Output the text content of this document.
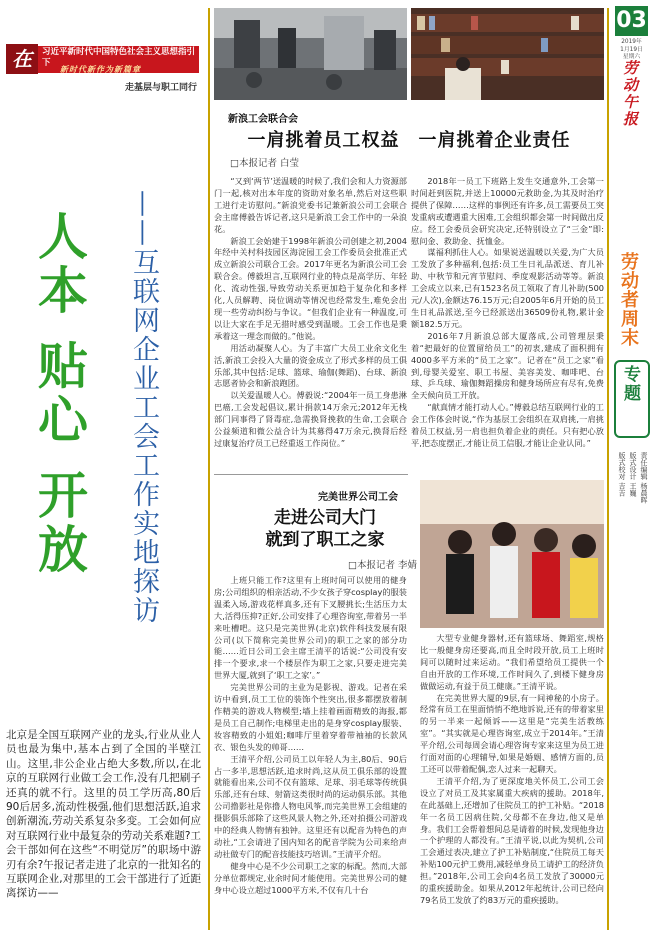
在	习近平新时代中国特色社会主义思想指引下
新时代新作为新篇章
走基层与职工同行
人本 贴心 开放 ——互联网企业工会工作实地探访
北京是全国互联网产业的龙头,行业从业人员也最为集中,基本占到了全国的半壁江山。这里,非公企业占绝大多数,所以,在北京的互联网行业做工会工作,没有几把刷子还真的就不行。这里的员工学历高,80后90后居多,流动性极强,他们思想活跃,追求创新潮流,劳动关系复杂多变。工会如何应对互联网行业中最复杂的劳动关系难题?工会干部如何在这些“不明觉厉”的职场中游刃有余?午报记者走进了北京的一批知名的互联网企业,对那里的工会干部进行了近距离探访——
新浪工会联合会
一肩挑着员工权益　一肩挑着企业责任
□本报记者 白莹

“又到‘两节’送温暖的时候了,我们会和人力资源部门一起,核对出本年度的资助对象名单,然后对这些职工进行走访慰问。”新浪党委书记兼新浪公司工会联合会主席傅毅告诉记者,这只是新浪工会工作中的一朵浪花。

新浪工会始建于1998年新浪公司创建之初,2004年经中关村科技园区海淀园工会工作委员会批准正式成立新浪公司联合工会。2017年更名为新浪公司工会联合会。傅毅坦言,互联网行业的特点是高学历、年轻化、流动性强,导致劳动关系更加趋于复杂化和多样化,人员解聘、岗位调动等情况也经常发生,难免会出现一些劳动纠纷与争议。“但我们企业有一种温度,可以让大家在手足无措时感受到温暖。工会工作也是秉承着这一理念而做的。”他说。

用活动凝聚人心。为了丰富广大员工业余文化生活,新浪工会投入大量的资金成立了形式多样的员工俱乐部,其中包括:足球、篮球、瑜伽(舞蹈)、台球、新浪志愿者协会和新浪跑团。

以关爱温暖人心。傅毅说:“2004年一员工身患淋巴癌,工会发起倡议,累计捐款14万余元;2012年无栈部门同事得了肾毒症,急需换肾挽救的生命,工会联合公益频道和微公益合计为其募得47万余元,换肾后经过康复治疗员工已经重返工作岗位。”

2018年一员工下班路上发生交通意外,工会第一时间赶到医院,并送上10000元救助金,为其及时治疗提供了保障……这样的事例还有许多,员工需要员工突发重病或遭遇重大困难,工会组织都会第一时间做出反应。经工会委员会研究决定,还特别设立了“三金”即:慰问金、救助金、抚恤金。

谋福利抓住人心。如果说送温暖以关爱,为广大员工发放了多种福利,包括:员工生日礼品派送、育儿补助、中秋节和元宵节慰问、季度观影活动等等。新浪工会成立以来,已有1523名员工领取了育儿补助(500元/人次),金额达76.15万元;自2005年6月开始的员工生日礼品派送,至今已经派送出36509份礼物,累计金额182.5万元。

2016年7月新浪总部大厦落成,公司管理层秉着“把最好的位置留给员工”的初衷,建成了面积拥有4000多平方米的“员工之家”。记者在“员工之家”看到,母婴关爱室、职工书屋、美容美发、咖啡吧、台球、乒乓球、瑜伽舞蹈操房和健身场所应有尽有,免费全天候向员工开放。

“献真情才能打动人心。”傅毅总结互联网行业的工会工作体会时说,“作为基层工会组织在双肩挑,一肩挑着员工权益,另一肩也担负着企业的责任。只有把心放平,把态度摆正,才能让员工信服,才能让企业认同。”

完美世界公司工会
走进公司大门
就到了职工之家
□本报记者 李婧

上班只能工作?这里有上班时间可以使用的健身房;公司组织的相亲活动,不少女孩子穿cosplay的服装温柔入场,游戏花样真多,还有下叉腰挑长;生活压力太大,活得压抑?正好,公司安排了心理咨询室,带着另一半来吐槽吧。这只是完美世界(北京)软件科技发展有限公司(以下简称完美世界公司)的职工之家的部分功能……近日公司工会主席王清平的话说:“公司没有安排一个要求,求一个楼层作为职工之家,只要走进完美世界大厦,就到了‘职工之家’。”

完美世界公司的主业为是影视、游戏。记者在采访中看到,员工工位的装饰个性突出,很多都摆放着制作精美的游戏人物模型;墙上挂着画面精致的海报,都是员工自己制作;电梯里走出的是身穿cosplay服装、妆容精致的小姐姐;咖啡厅里着穿着带袖袖的长款风衣、银色头发的帅哥……

王清平介绍,公司员工以年轻人为主,80后、90后占一多半,思想活跃,追求时尚,这从员工俱乐部的设置就能看出来,公司不仅有篮球、足球、羽毛球等传统俱乐部,还有台球、射箭这类很时尚的运动俱乐部。其他公司撸影社是你撸人物电风筝,而完美世界工会组建的摄影俱乐部除了这些风景人物之外,还对拍摄公司游戏中的经典人物情有独钟。这里还有以配音为特色的声动社,“工会请进了国内知名的配音学院为公司来给声动社做专门的配音技能技巧培训。”王清平介绍。

健身中心是不少公司职工之家的标配。然而,大部分单位都规定,业余时间才能使用。完美世界公司的健身中心设立超过1000平方米,不仅有几十台

大型专业健身器材,还有篮球场、舞蹈室,规格比一般健身房还要高,而且全时段开放,员工上班时间可以随时过来运动。“我们希望给员工提供一个自由开放的工作环境,工作时间久了,到楼下健身房做做运动,有益于员工健康。”王清平说。

在完美世界大厦的9层,有一间神秘的小房子。经常有员工在里面悄悄不绝地诉说,还有的带着家里的另一半来一起倾诉——这里是“完美生活教练室”。“其实就是心理咨询室,成立于2014年。”王清平介绍,公司每周会请心理咨询专家来这里为员工进行面对面的心理辅导,如果是婚姻、感情方面的,员工还可以带着配偶,恋人过来一起聊天。

王清平介绍,为了更深度地关怀员工,公司工会设立了对员工及其家属重大疾病的援助。2018年,在此基础上,还增加了住院员工的护工补贴。“2018年一名员工因病住院,父母都不在身边,他又是单身。我们工会帮着想间总是请着的时候,发现他身边一个护理的人都没有。”王清平说,以此为契机,公司工会通过表决,建立了护工补贴制度,“住院员工每天补贴100元护工费用,减轻单身员工请护工的经济负担。”2018年,公司工会向4名员工发放了30000元的重疾援助金。如果从2012年起统计,公司已经向79名员工发放了约83万元的重疾援助。

03
2019年
1月19日
星期六
劳动午报
劳动者周末
专题
责任编辑 杨晨晖
版式设计 王巍
版式校对 吉吉
